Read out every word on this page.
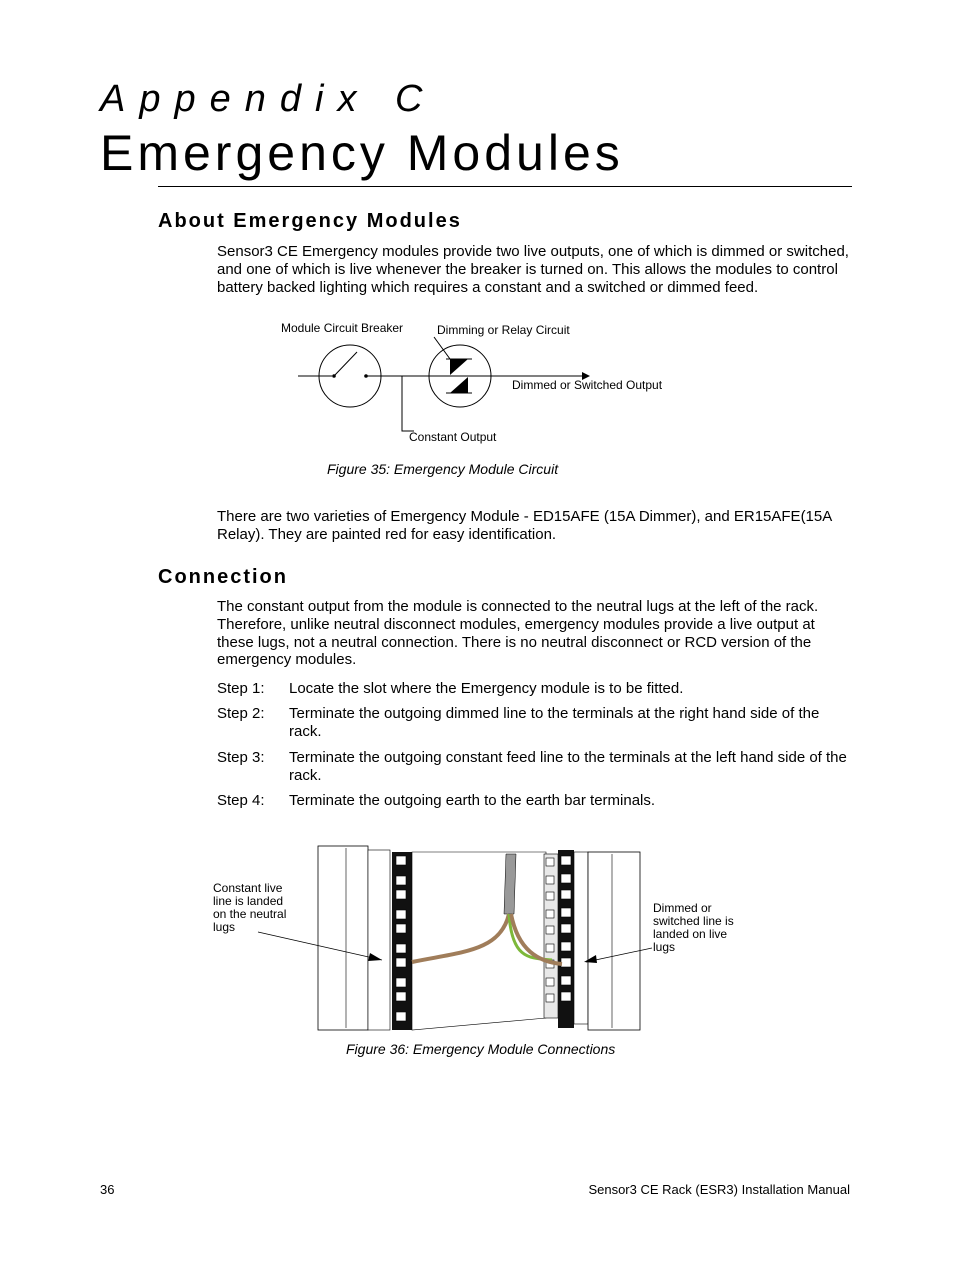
Appendix C
Emergency Modules
About Emergency Modules

Sensor3 CE Emergency modules provide two live outputs, one of which is dimmed or switched, and one of which is live whenever the breaker is turned on. This allows the modules to control battery backed lighting which requires a constant and a switched or dimmed feed.

Module Circuit Breaker	Dimming or Relay Circuit
Dimmed or Switched Output
Constant Output
Figure 35: Emergency Module Circuit

There are two varieties of Emergency Module - ED15AFE (15A Dimmer), and ER15AFE(15A Relay). They are painted red for easy identification.

Connection

The constant output from the module is connected to the neutral lugs at the left of the rack. Therefore, unlike neutral disconnect modules, emergency modules provide a live output at these lugs, not a neutral connection. There is no neutral disconnect or RCD version of the emergency modules.

Step 1:	Locate the slot where the Emergency module is to be fitted.
Step 2:	Terminate the outgoing dimmed line to the terminals at the right hand side of the rack.
Step 3:	Terminate the outgoing constant feed line to the terminals at the left hand side of the rack.
Step 4:	Terminate the outgoing earth to the earth bar terminals.
Constant live line is landed on the neutral lugs
Dimmed or switched line is landed on live lugs
Figure 36: Emergency Module Connections
36	Sensor3 CE Rack (ESR3) Installation Manual
